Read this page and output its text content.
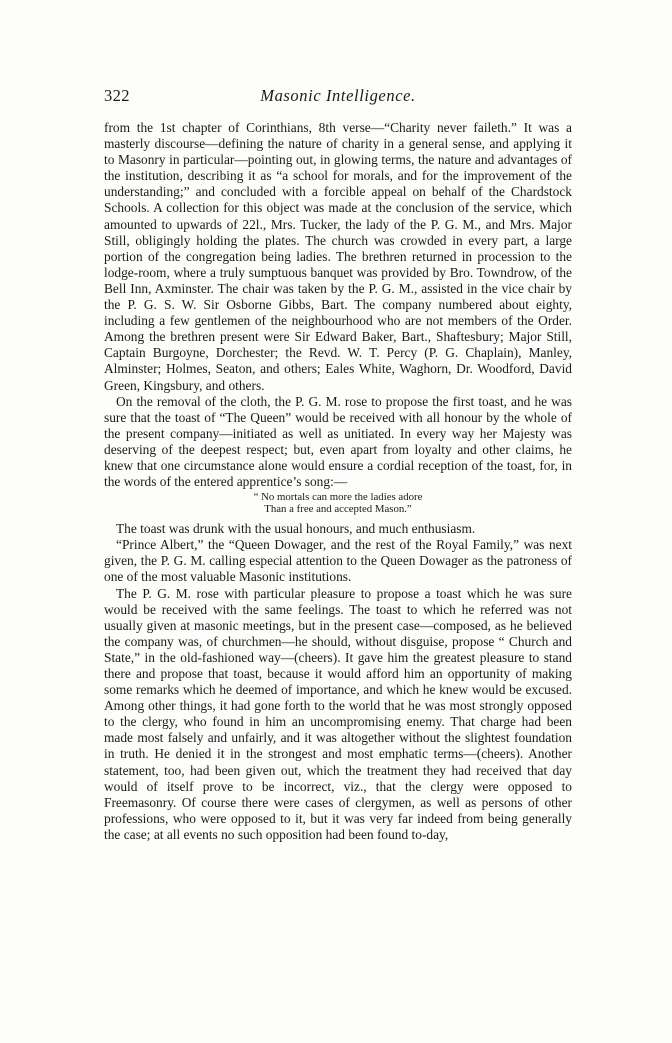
322	Masonic Intelligence.

from the 1st chapter of Corinthians, 8th verse—“Charity never faileth.” It was a masterly discourse—defining the nature of charity in a general sense, and applying it to Masonry in particular—pointing out, in glowing terms, the nature and advantages of the institution, describing it as “a school for morals, and for the improvement of the understanding;” and concluded with a forcible appeal on behalf of the Chardstock Schools. A collection for this object was made at the conclusion of the service, which amounted to upwards of 22l., Mrs. Tucker, the lady of the P. G. M., and Mrs. Major Still, obligingly holding the plates. The church was crowded in every part, a large portion of the congregation being ladies. The brethren returned in procession to the lodge-room, where a truly sumptuous banquet was provided by Bro. Towndrow, of the Bell Inn, Axminster. The chair was taken by the P. G. M., assisted in the vice chair by the P. G. S. W. Sir Osborne Gibbs, Bart. The company numbered about eighty, including a few gentlemen of the neighbourhood who are not members of the Order. Among the brethren present were Sir Edward Baker, Bart., Shaftesbury; Major Still, Captain Burgoyne, Dorchester; the Revd. W. T. Percy (P. G. Chaplain), Manley, Alminster; Holmes, Seaton, and others; Eales White, Waghorn, Dr. Woodford, David Green, Kingsbury, and others.

On the removal of the cloth, the P. G. M. rose to propose the first toast, and he was sure that the toast of “The Queen” would be received with all honour by the whole of the present company—initiated as well as unitiated. In every way her Majesty was deserving of the deepest respect; but, even apart from loyalty and other claims, he knew that one circumstance alone would ensure a cordial reception of the toast, for, in the words of the entered apprentice’s song:—

“ No mortals can more the ladies adore
Than a free and accepted Mason.”

The toast was drunk with the usual honours, and much enthusiasm.

“Prince Albert,” the “Queen Dowager, and the rest of the Royal Family,” was next given, the P. G. M. calling especial attention to the Queen Dowager as the patroness of one of the most valuable Masonic institutions.

The P. G. M. rose with particular pleasure to propose a toast which he was sure would be received with the same feelings. The toast to which he referred was not usually given at masonic meetings, but in the present case—composed, as he believed the company was, of churchmen—he should, without disguise, propose “ Church and State,” in the old-fashioned way—(cheers). It gave him the greatest pleasure to stand there and propose that toast, because it would afford him an opportunity of making some remarks which he deemed of importance, and which he knew would be excused. Among other things, it had gone forth to the world that he was most strongly opposed to the clergy, who found in him an uncompromising enemy. That charge had been made most falsely and unfairly, and it was altogether without the slightest foundation in truth. He denied it in the strongest and most emphatic terms—(cheers). Another statement, too, had been given out, which the treatment they had received that day would of itself prove to be incorrect, viz., that the clergy were opposed to Freemasonry. Of course there were cases of clergymen, as well as persons of other professions, who were opposed to it, but it was very far indeed from being generally the case; at all events no such opposition had been found to-day,
